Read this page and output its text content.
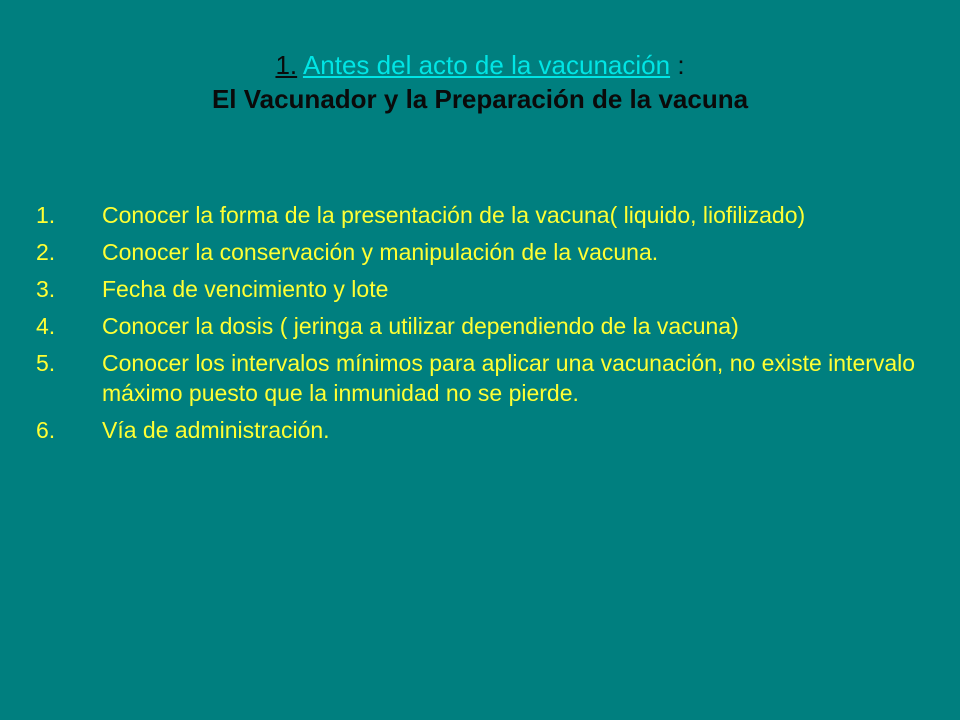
1. Antes del acto de la vacunación :
El Vacunador y la Preparación de la vacuna
1.	Conocer la forma de la presentación de la vacuna( liquido, liofilizado)
2.	Conocer la conservación y manipulación de la vacuna.
3.	Fecha de vencimiento y lote
4.	Conocer la dosis ( jeringa a utilizar dependiendo de la vacuna)
5.	Conocer los intervalos mínimos para aplicar una vacunación, no existe intervalo máximo puesto que la inmunidad no se pierde.
6.	Vía de administración.
